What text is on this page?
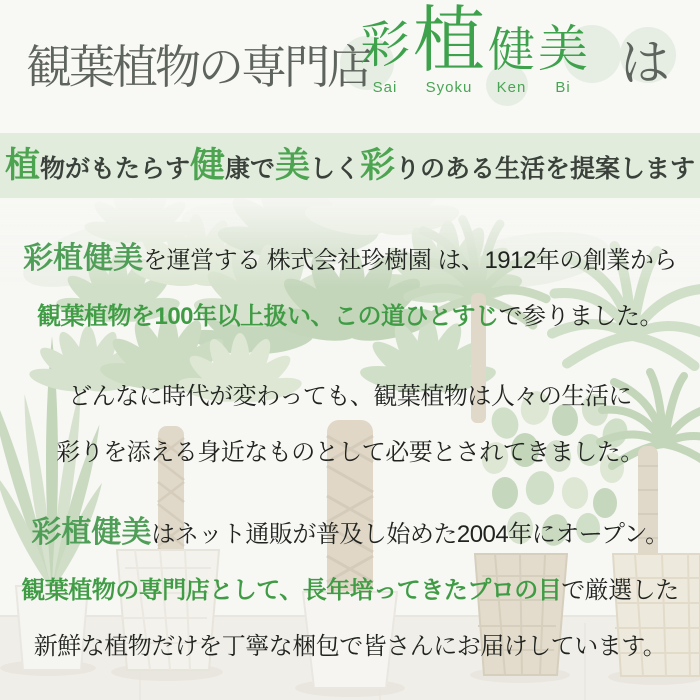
観葉植物の専門店
彩
Sai
植
Syoku
健
Ken
美
Bi は
植物がもたらす健康で美しく彩りのある生活を提案します

彩植健美を運営する 株式会社珍樹園 は、1912年の創業から

観葉植物を100年以上扱い、この道ひとすじで参りました。

どんなに時代が変わっても、観葉植物は人々の生活に

彩りを添える身近なものとして必要とされてきました。

彩植健美はネット通販が普及し始めた2004年にオープン。

観葉植物の専門店として、長年培ってきたプロの目で厳選した

新鮮な植物だけを丁寧な梱包で皆さんにお届けしています。
